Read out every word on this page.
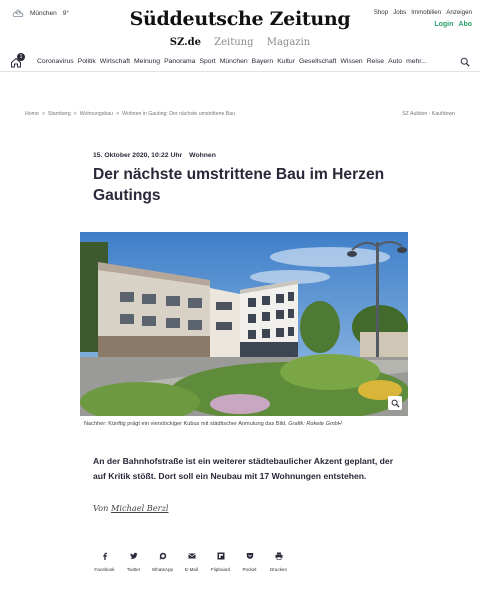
München 9°	Süddeutsche Zeitung	Shop Jobs Immobilien Anzeigen
Login Abo
SZ.de Zeitung Magazin
1
Coronavirus Politik Wirtschaft Meinung Panorama Sport München Bayern Kultur Gesellschaft Wissen Reise Auto mehr...
Home > Starnberg > Wohnungsbau > Wohnen in Gauting: Der nächste umstrittene Bau	SZ Auktion - Kaufdown
15. Oktober 2020, 10:22 Uhr Wohnen
Der nächste umstrittene Bau im Herzen Gautings
Nachher: Künftig prägt ein vierstöckiger Kubus mit städtischer Anmutung das Bild. Grafik: Rokete GmbH

An der Bahnhofstraße ist ein weiterer städtebaulicher Akzent geplant, der auf Kritik stößt. Dort soll ein Neubau mit 17 Wohnungen entstehen.

Von Michael Berzl
Facebook	Twitter	WhatsApp	E-Mail	Flipboard	Pocket	Drucken
